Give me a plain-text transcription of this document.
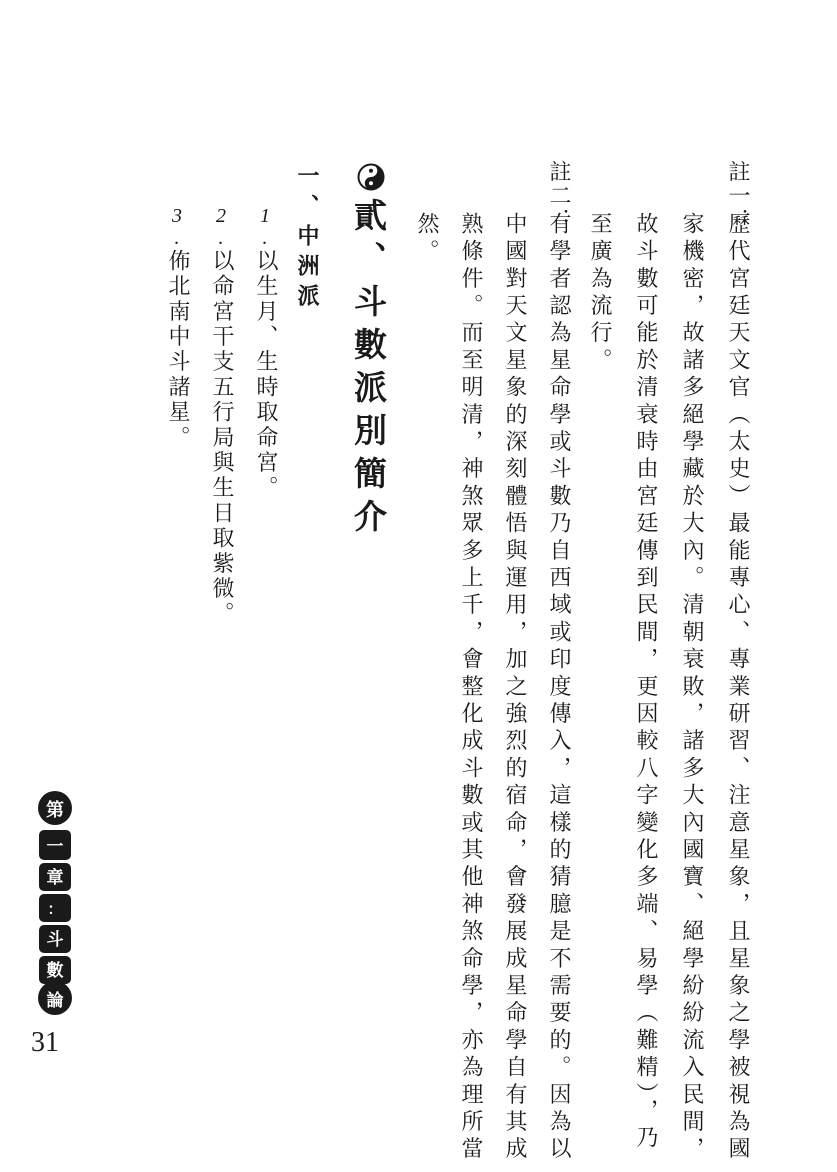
註一：
歷代宮廷天文官（太史）最能專心、專業研習、注意星象，且星象之學被視為國
家機密，故諸多絕學藏於大內。清朝衰敗，諸多大內國寶、絕學紛紛流入民間，
故斗數可能於清衰時由宮廷傳到民間，更因較八字變化多端、易學（難精），乃
至廣為流行。
註二：
有學者認為星命學或斗數乃自西域或印度傳入，這樣的猜臆是不需要的。因為以
中國對天文星象的深刻體悟與運用，加之強烈的宿命，會發展成星命學自有其成
熟條件。而至明清，神煞眾多上千，會整化成斗數或其他神煞命學，亦為理所當
然。
貳、斗數派別簡介
一、中洲派
1.以生月、生時取命宮。
2.以命宮干支五行局與生日取紫微。
3.佈北南中斗諸星。
第
一
章
：
斗
數
論
31
